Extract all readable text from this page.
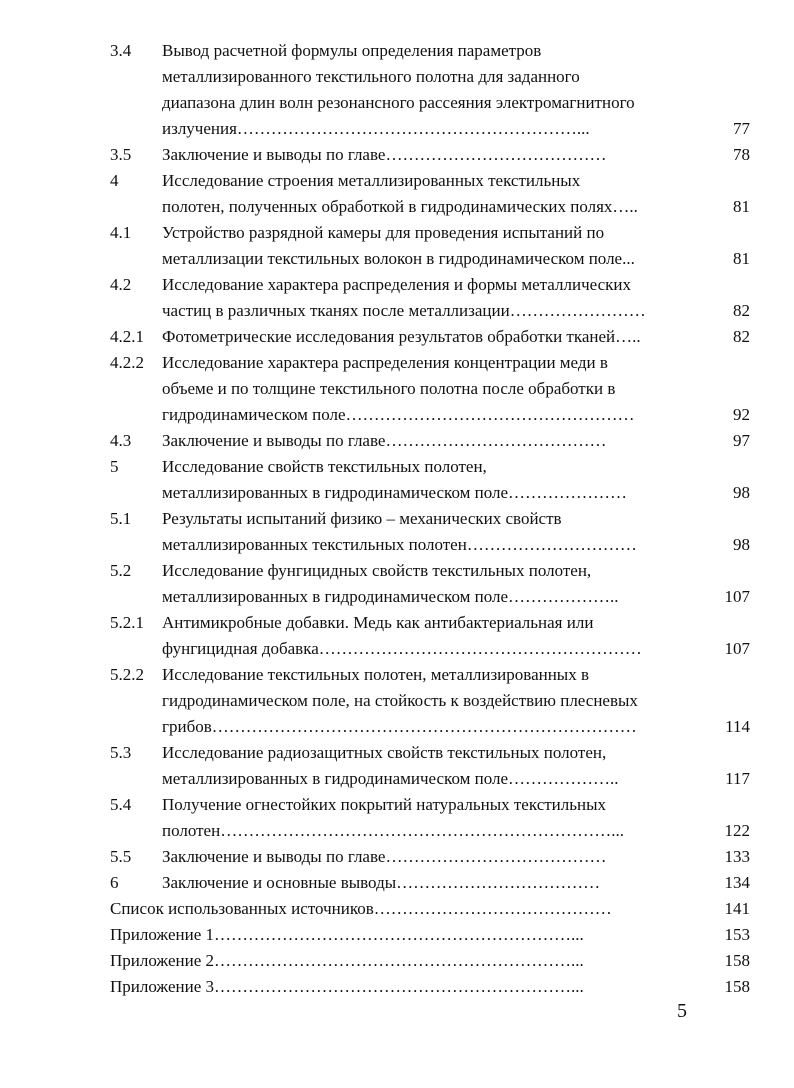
3.4	Вывод расчетной формулы определения параметров
металлизированного текстильного полотна для заданного
диапазона длин волн резонансного рассеяния электромагнитного
излучения……………………………………………………...	77
3.5	Заключение и выводы по главе…………………………………	78
4	Исследование строения металлизированных текстильных
полотен, полученных обработкой в гидродинамических полях…..	81
4.1	Устройство разрядной камеры для проведения испытаний по
металлизации текстильных волокон в гидродинамическом поле...	81
4.2	Исследование характера распределения и формы металлических
частиц в различных тканях после металлизации……………………	82
4.2.1	Фотометрические исследования результатов обработки тканей…..	82
4.2.2	Исследование характера распределения концентрации меди в
объеме и по толщине текстильного полотна после обработки в
гидродинамическом поле……………………………………………	92
4.3	Заключение и выводы по главе…………………………………	97
5	Исследование свойств текстильных полотен,
металлизированных в гидродинамическом поле…………………	98
5.1	Результаты испытаний физико – механических свойств
металлизированных текстильных полотен…………………………	98
5.2	Исследование фунгицидных свойств текстильных полотен,
металлизированных в гидродинамическом поле………………..	107
5.2.1	Антимикробные добавки. Медь как антибактериальная или
фунгицидная добавка…………………………………………………	107
5.2.2	Исследование текстильных полотен, металлизированных в
гидродинамическом поле, на стойкость к воздействию плесневых
грибов…………………………………………………………………	114
5.3	Исследование радиозащитных свойств текстильных полотен,
металлизированных в гидродинамическом поле………………..	117
5.4	Получение огнестойких покрытий натуральных текстильных
полотен……………………………………………………………...	122
5.5	Заключение и выводы по главе…………………………………	133
6	Заключение и основные выводы………………………………	134
Список использованных источников……………………………………	141
Приложение 1………………………………………………………...	153
Приложение 2………………………………………………………...	158
Приложение 3………………………………………………………...	158
5
